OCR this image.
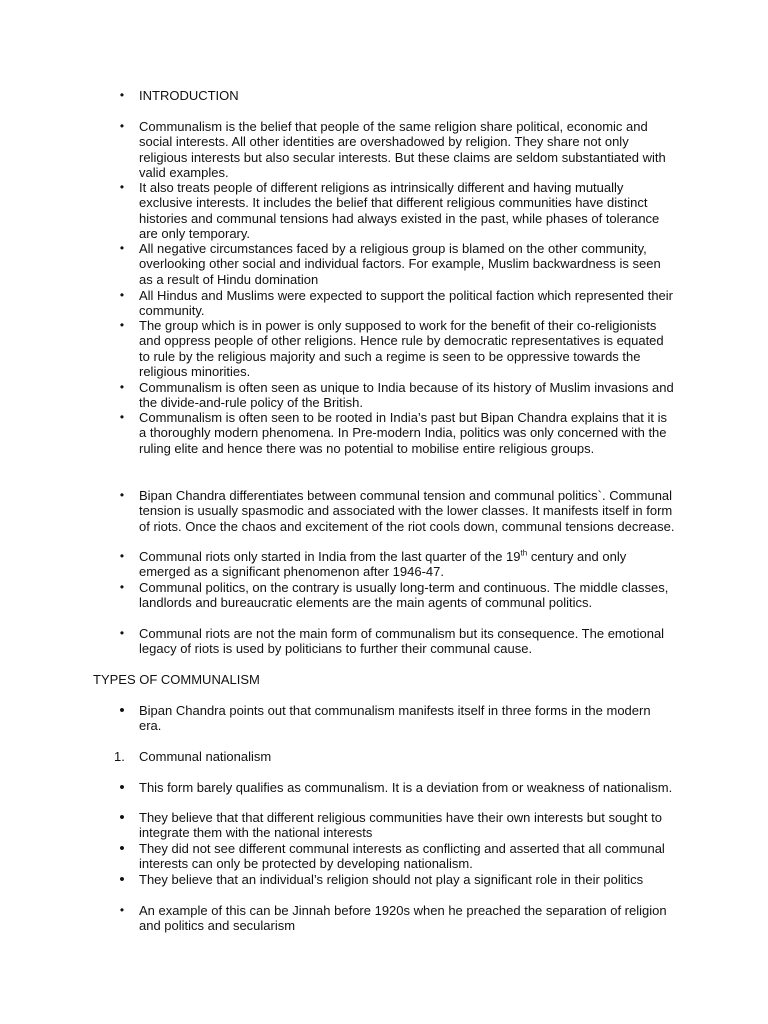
• INTRODUCTION

• Communalism is the belief that people of the same religion share political, economic and social interests. All other identities are overshadowed by religion. They share not only religious interests but also secular interests. But these claims are seldom substantiated with valid examples.

• It also treats people of different religions as intrinsically different and having mutually exclusive interests. It includes the belief that different religious communities have distinct histories and communal tensions had always existed in the past, while phases of tolerance are only temporary.

• All negative circumstances faced by a religious group is blamed on the other community, overlooking other social and individual factors. For example, Muslim backwardness is seen as a result of Hindu domination

• All Hindus and Muslims were expected to support the political faction which represented their community.

• The group which is in power is only supposed to work for the benefit of their co-religionists and oppress people of other religions. Hence rule by democratic representatives is equated to rule by the religious majority and such a regime is seen to be oppressive towards the religious minorities.

• Communalism is often seen as unique to India because of its history of Muslim invasions and the divide-and-rule policy of the British.

• Communalism is often seen to be rooted in India’s past but Bipan Chandra explains that it is a thoroughly modern phenomena. In Pre-modern India, politics was only concerned with the ruling elite and hence there was no potential to mobilise entire religious groups.

• Bipan Chandra differentiates between communal tension and communal politics`. Communal tension is usually spasmodic and associated with the lower classes. It manifests itself in form of riots. Once the chaos and excitement of the riot cools down, communal tensions decrease.

• Communal riots only started in India from the last quarter of the 19th century and only emerged as a significant phenomenon after 1946-47.

• Communal politics, on the contrary is usually long-term and continuous. The middle classes, landlords and bureaucratic elements are the main agents of communal politics.

• Communal riots are not the main form of communalism but its consequence. The emotional legacy of riots is used by politicians to further their communal cause.

TYPES OF COMMUNALISM

• Bipan Chandra points out that communalism manifests itself in three forms in the modern era.

1. Communal nationalism

• This form barely qualifies as communalism. It is a deviation from or weakness of nationalism.

• They believe that that different religious communities have their own interests but sought to integrate them with the national interests

• They did not see different communal interests as conflicting and asserted that all communal interests can only be protected by developing nationalism.

• They believe that an individual’s religion should not play a significant role in their politics

• An example of this can be Jinnah before 1920s when he preached the separation of religion and politics and secularism
